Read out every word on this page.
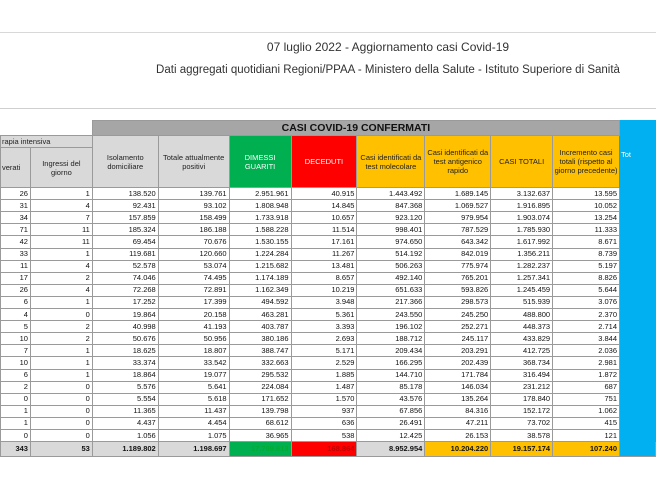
07 luglio 2022 - Aggiornamento casi Covid-19
Dati aggregati quotidiani Regioni/PPAA - Ministero della Salute - Istituto Superiore di Sanità
		CASI COVID-19 CONFERMATI								Tot
rapia intensiva		Isolamento domiciliare	Totale attualmente positivi	DIMESSI GUARITI	DECEDUTI	Casi identificati da test molecolare	Casi identificati da test antigenico rapido	CASI TOTALI	Incremento casi totali (rispetto al giorno precedente)	
verati	Ingressi del giorno									
26	1	138.520	139.761	2.951.961	40.915	1.443.492	1.689.145	3.132.637	13.595	
31	4	92.431	93.102	1.808.948	14.845	847.368	1.069.527	1.916.895	10.052	
34	7	157.859	158.499	1.733.918	10.657	923.120	979.954	1.903.074	13.254	
71	11	185.324	186.188	1.588.228	11.514	998.401	787.529	1.785.930	11.333	
42	11	69.454	70.676	1.530.155	17.161	974.650	643.342	1.617.992	8.671	
33	1	119.681	120.660	1.224.284	11.267	514.192	842.019	1.356.211	8.739	
11	4	52.578	53.074	1.215.682	13.481	506.263	775.974	1.282.237	5.197	
17	2	74.046	74.495	1.174.189	8.657	492.140	765.201	1.257.341	8.826	
26	4	72.268	72.891	1.162.349	10.219	651.633	593.826	1.245.459	5.644	
6	1	17.252	17.399	494.592	3.948	217.366	298.573	515.939	3.076	
4	0	19.864	20.158	463.281	5.361	243.550	245.250	488.800	2.370	
5	2	40.998	41.193	403.787	3.393	196.102	252.271	448.373	2.714	
10	2	50.676	50.956	380.186	2.693	188.712	245.117	433.829	3.844	
7	1	18.625	18.807	388.747	5.171	209.434	203.291	412.725	2.036	
10	1	33.374	33.542	332.663	2.529	166.295	202.439	368.734	2.981	
6	1	18.864	19.077	295.532	1.885	144.710	171.784	316.494	1.872	
2	0	5.576	5.641	224.084	1.487	85.178	146.034	231.212	687	
0	0	5.554	5.618	171.652	1.570	43.576	135.264	178.840	751	
1	0	11.365	11.437	139.798	937	67.856	84.316	152.172	1.062	
1	0	4.437	4.454	68.612	636	26.491	47.211	73.702	415	
0	0	1.056	1.075	36.965	538	12.425	26.153	38.578	121	
343	53	1.189.802	1.198.697	17.789.613	168.864	8.952.954	10.204.220	19.157.174	107.240	
